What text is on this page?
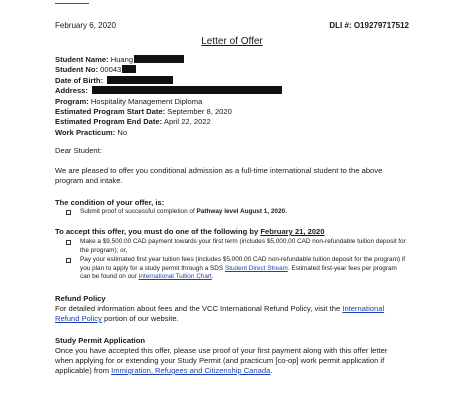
February 6, 2020	DLI #: O19279717512
Letter of Offer
Student Name: Huang
Student No: 00043
Date of Birth:
Address:
Program: Hospitality Management Diploma
Estimated Program Start Date: September 8, 2020
Estimated Program End Date: April 22, 2022
Work Practicum: No
Dear Student:
We are pleased to offer you conditional admission as a full-time international student to the above program and intake.
The condition of your offer, is:
Submit proof of successful completion of Pathway level August 1, 2020.
To accept this offer, you must do one of the following by February 21, 2020
Make a $9,500.00 CAD payment towards your first term (includes $5,000.00 CAD non-refundable tuition deposit for the program); or,
Pay your estimated first year tuition fees (includes $5,000.00 CAD non-refundable tuition deposit for the program) if you plan to apply for a study permit through a SDS Student Direct Stream. Estimated first-year fees per program can be found on our International Tuition Chart.
Refund Policy
For detailed information about fees and the VCC International Refund Policy, visit the International Refund Policy portion of our website.
Study Permit Application
Once you have accepted this offer, please use proof of your first payment along with this offer letter when applying for or extending your Study Permit (and practicum [co-op] work permit application if applicable) from Immigration, Refugees and Citizenship Canada.
